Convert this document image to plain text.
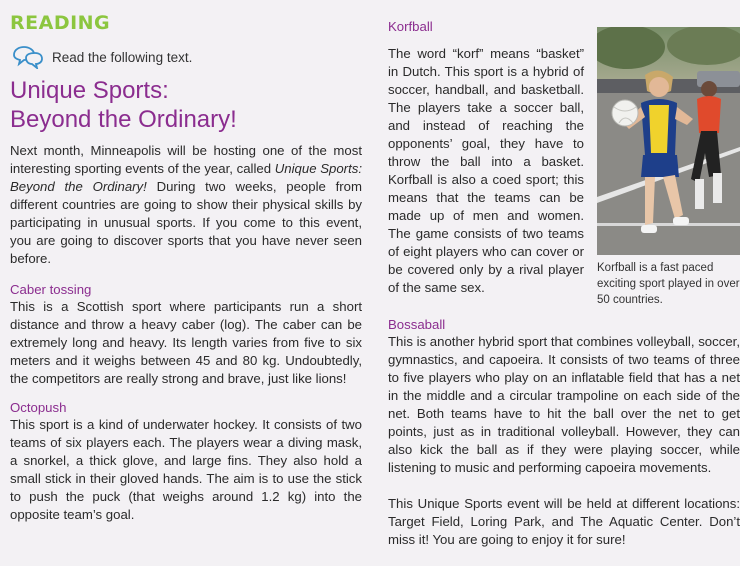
READING
Read the following text.
Unique Sports:
Beyond the Ordinary!

Next month, Minneapolis will be hosting one of the most interesting sporting events of the year, called Unique Sports: Beyond the Ordinary! During two weeks, people from different countries are going to show their physical skills by participating in unusual sports. If you come to this event, you are going to discover sports that you have never seen before.

Caber tossing

This is a Scottish sport where participants run a short distance and throw a heavy caber (log). The caber can be extremely long and heavy. Its length varies from five to six meters and it weighs between 45 and 80 kg. Undoubtedly, the competitors are really strong and brave, just like lions!

Octopush

This sport is a kind of underwater hockey. It consists of two teams of six players each. The players wear a diving mask, a snorkel, a thick glove, and large fins. They also hold a small stick in their gloved hands. The aim is to use the stick to push the puck (that weighs around 1.2 kg) into the opposite team’s goal.

Korfball

The word “korf” means “basket” in Dutch. This sport is a hybrid of soccer, handball, and basketball. The players take a soccer ball, and instead of reaching the opponents’ goal, they have to throw the ball into a basket. Korfball is also a coed sport; this means that the teams can be made up of men and women. The game consists of two teams of eight players who can cover or be covered only by a rival player of the same sex.

Korfball is a fast paced exciting sport played in over 50 countries.
Bossaball

This is another hybrid sport that combines volleyball, soccer, gymnastics, and capoeira. It consists of two teams of three to five players who play on an inflatable field that has a net in the middle and a circular trampoline on each side of the net. Both teams have to hit the ball over the net to get points, just as in traditional volleyball. However, they can also kick the ball as if they were playing soccer, while listening to music and performing capoeira movements.

This Unique Sports event will be held at different locations: Target Field, Loring Park, and The Aquatic Center. Don’t miss it! You are going to enjoy it for sure!
